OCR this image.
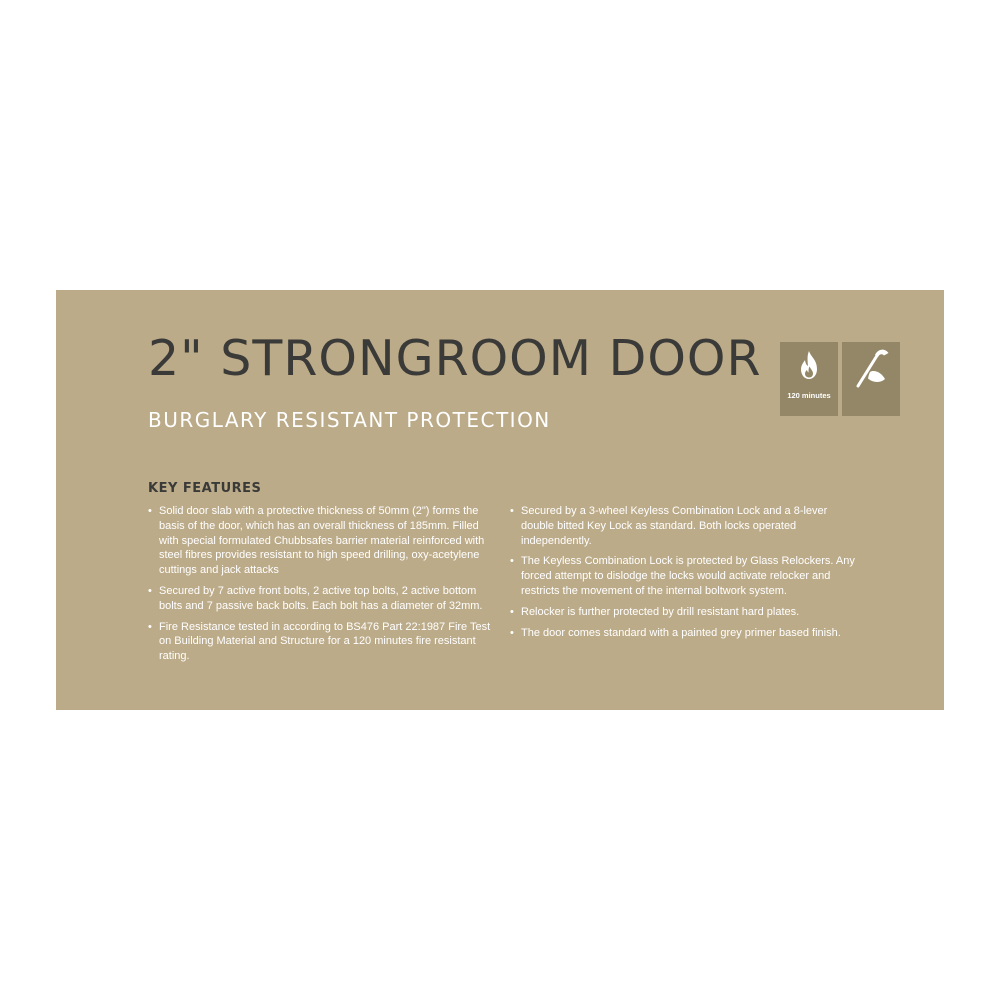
2" STRONGROOM DOOR
BURGLARY RESISTANT PROTECTION
120 minutes
KEY FEATURES
• Solid door slab with a protective thickness of 50mm (2") forms the basis of the door, which has an overall thickness of 185mm. Filled with special formulated Chubbsafes barrier material reinforced with steel fibres provides resistant to high speed drilling, oxy-acetylene cuttings and jack attacks
• Secured by 7 active front bolts, 2 active top bolts, 2 active bottom bolts and 7 passive back bolts. Each bolt has a diameter of 32mm.
• Fire Resistance tested in according to BS476 Part 22:1987 Fire Test on Building Material and Structure for a 120 minutes fire resistant rating.
• Secured by a 3-wheel Keyless Combination Lock and a 8-lever double bitted Key Lock as standard. Both locks operated independently.
• The Keyless Combination Lock is protected by Glass Relockers. Any forced attempt to dislodge the locks would activate relocker and restricts the movement of the internal boltwork system.
• Relocker is further protected by drill resistant hard plates.
• The door comes standard with a painted grey primer based finish.
